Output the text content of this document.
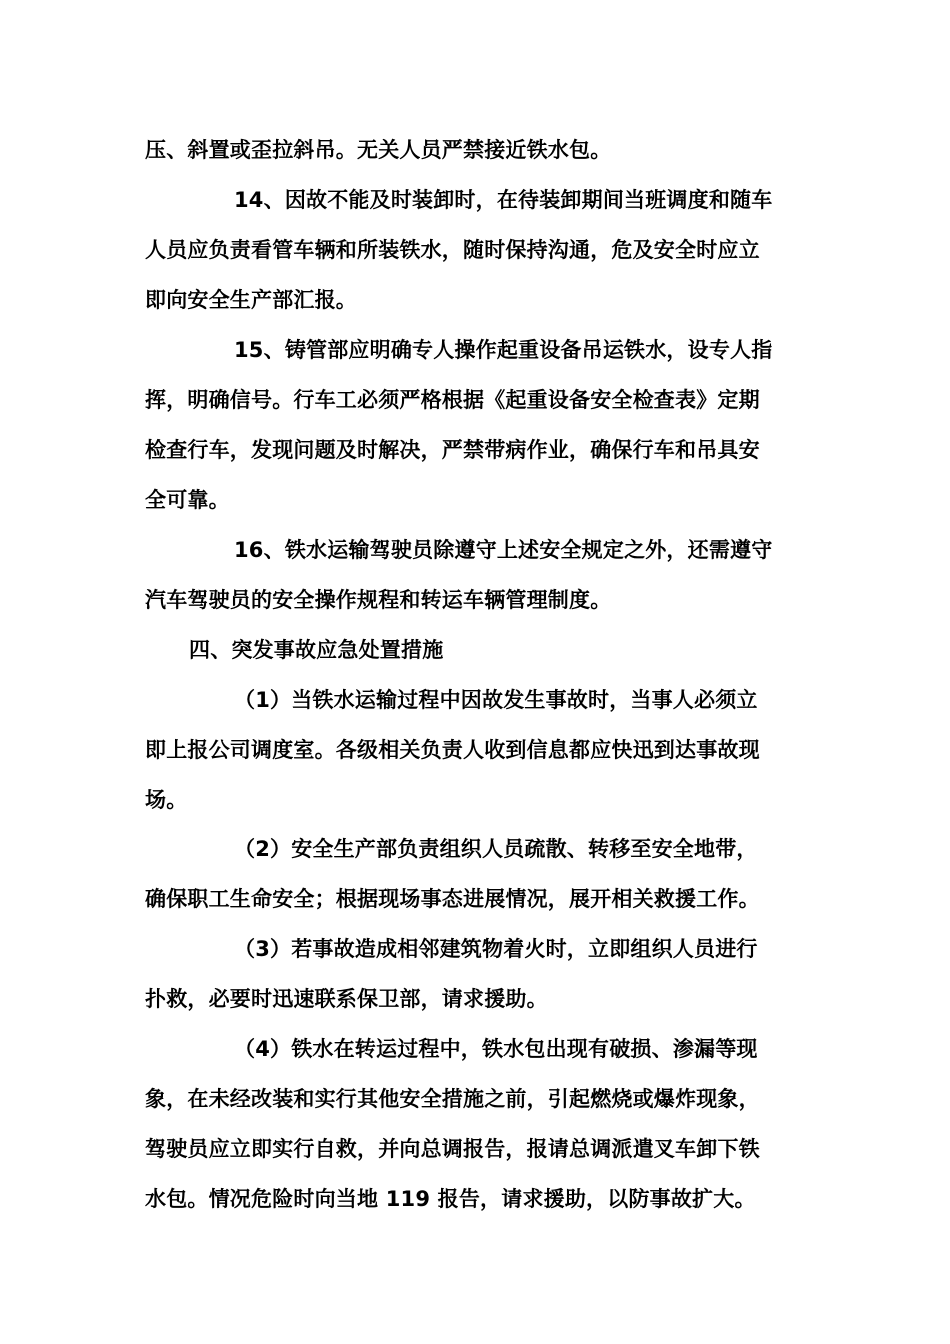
压、斜置或歪拉斜吊。无关人员严禁接近铁水包。
14、因故不能及时装卸时，在待装卸期间当班调度和随车
人员应负责看管车辆和所装铁水，随时保持沟通，危及安全时应立
即向安全生产部汇报。
15、铸管部应明确专人操作起重设备吊运铁水，设专人指
挥，明确信号。行车工必须严格根据《起重设备安全检查表》定期
检查行车，发现问题及时解决，严禁带病作业，确保行车和吊具安
全可靠。
16、铁水运输驾驶员除遵守上述安全规定之外，还需遵守
汽车驾驶员的安全操作规程和转运车辆管理制度。
四、突发事故应急处置措施
（1）当铁水运输过程中因故发生事故时，当事人必须立
即上报公司调度室。各级相关负责人收到信息都应快迅到达事故现
场。
（2）安全生产部负责组织人员疏散、转移至安全地带，
确保职工生命安全；根据现场事态进展情况，展开相关救援工作。
（3）若事故造成相邻建筑物着火时，立即组织人员进行
扑救，必要时迅速联系保卫部，请求援助。
（4）铁水在转运过程中，铁水包出现有破损、渗漏等现
象，在未经改装和实行其他安全措施之前，引起燃烧或爆炸现象，
驾驶员应立即实行自救，并向总调报告，报请总调派遣叉车卸下铁
水包。情况危险时向当地 119 报告，请求援助，以防事故扩大。
